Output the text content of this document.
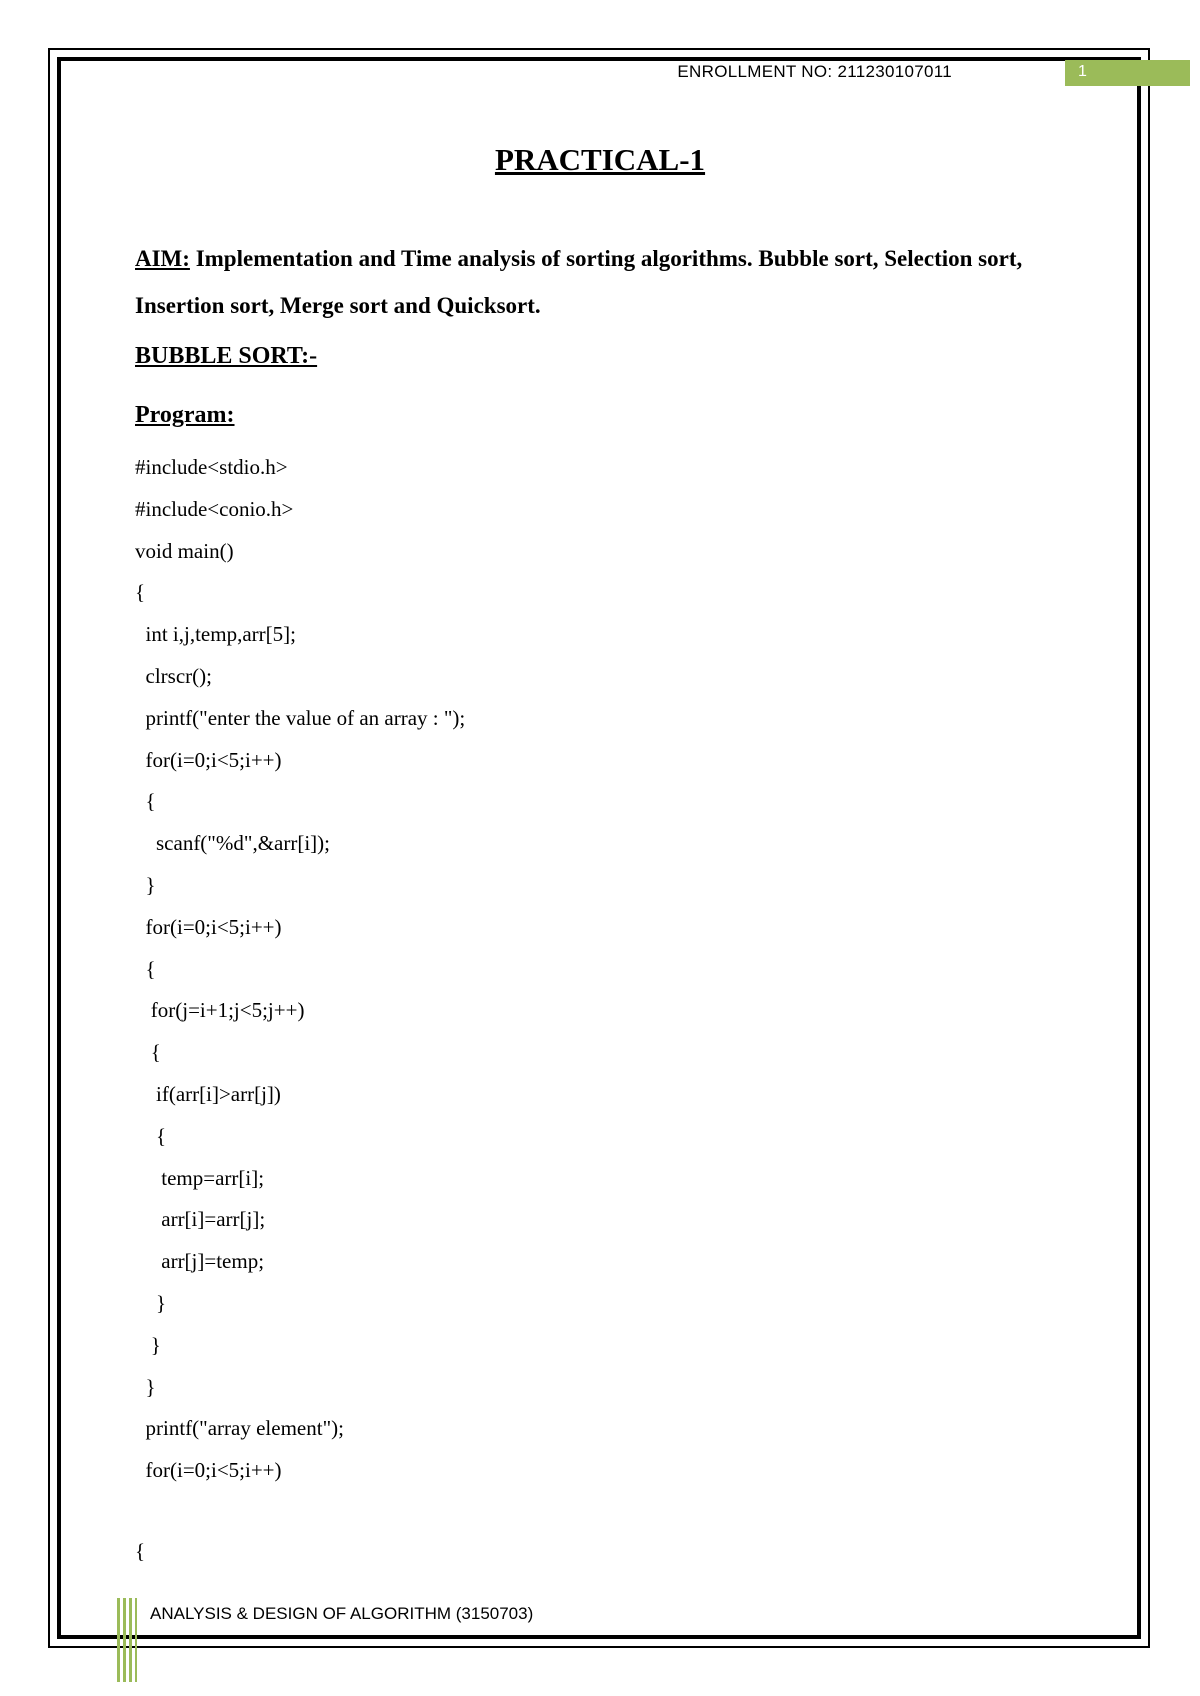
ENROLLMENT NO: 211230107011	1
PRACTICAL-1
AIM: Implementation and Time analysis of sorting algorithms. Bubble sort, Selection sort, Insertion sort, Merge sort and Quicksort.
BUBBLE SORT:-
Program:
#include<stdio.h>
#include<conio.h>
void main()
{
int i,j,temp,arr[5];
clrscr();
printf("enter the value of an array : ");
for(i=0;i<5;i++)
{
scanf("%d",&arr[i]);
}
for(i=0;i<5;i++)
{
for(j=i+1;j<5;j++)
{
if(arr[i]>arr[j])
{
temp=arr[i];
arr[i]=arr[j];
arr[j]=temp;
}
}
}
printf("array element");
for(i=0;i<5;i++)
{
ANALYSIS & DESIGN OF ALGORITHM (3150703)
